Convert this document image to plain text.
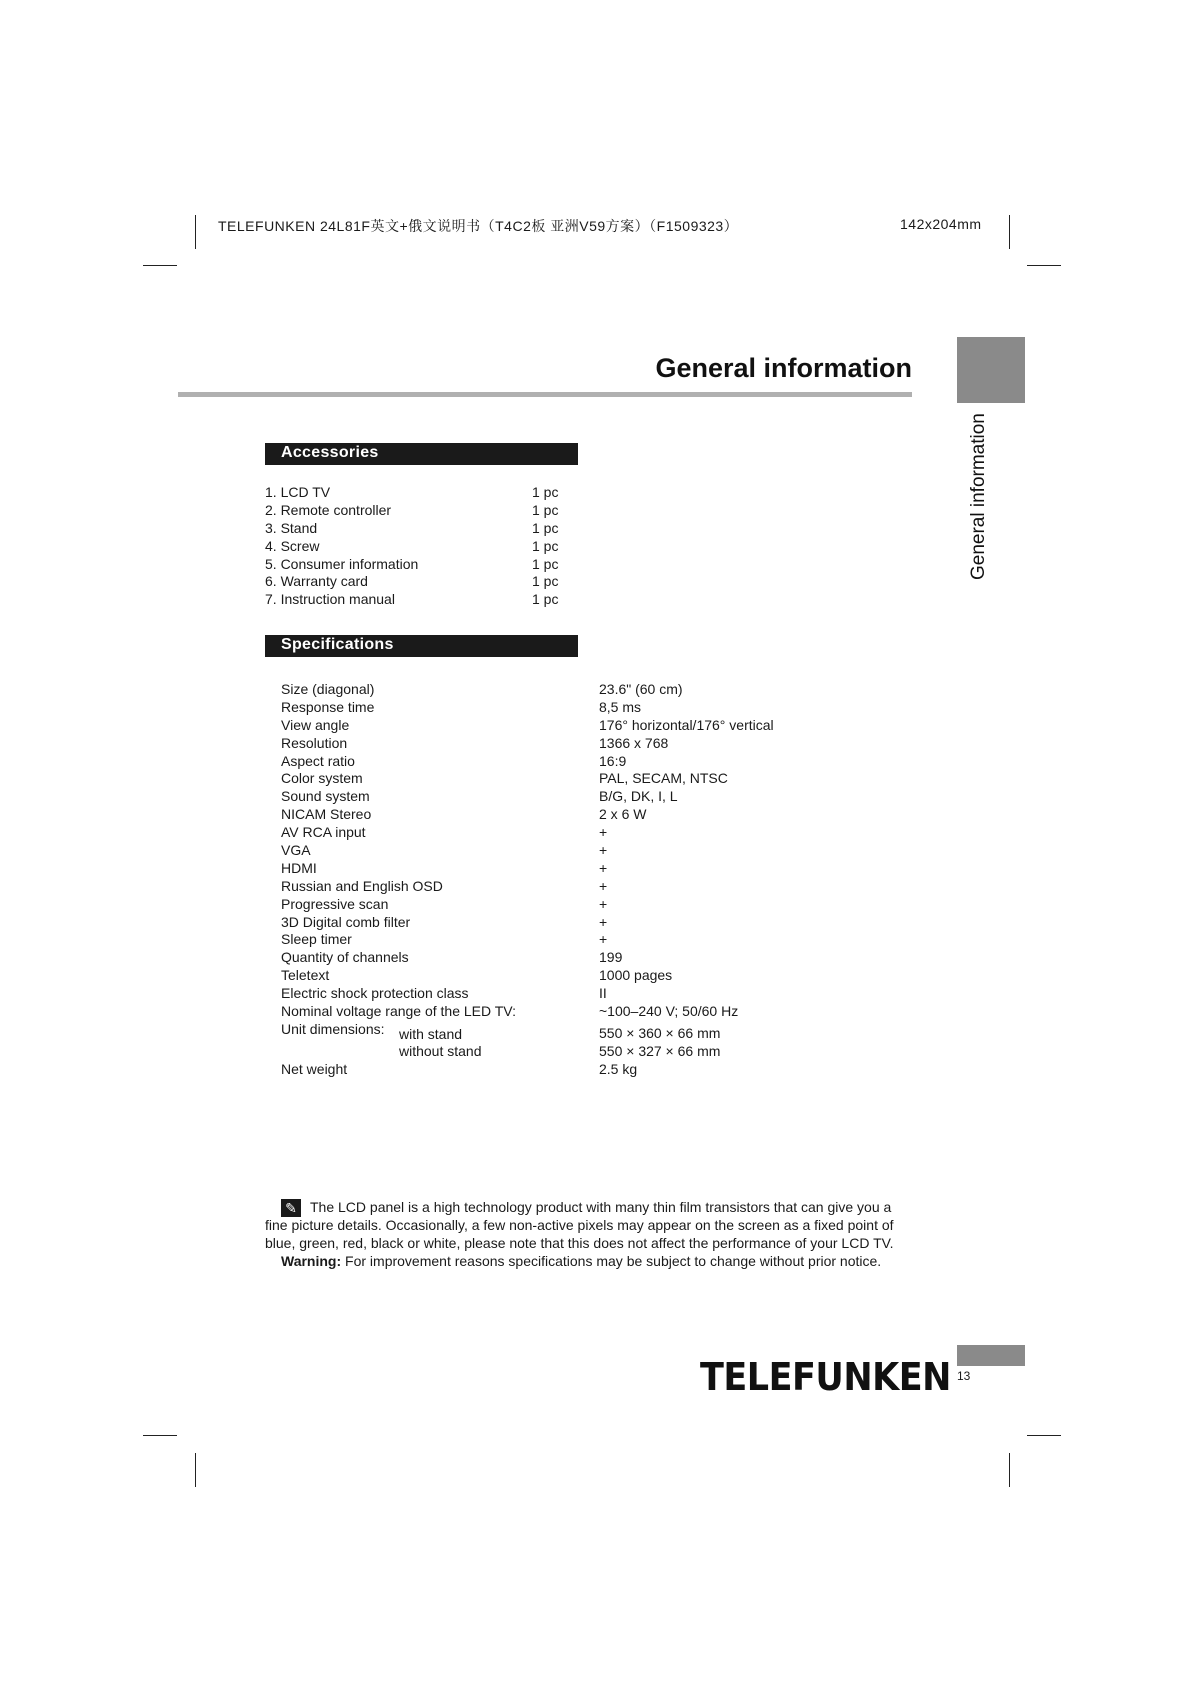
TELEFUNKEN 24L81F英文+俄文说明书（T4C2板 亚洲V59方案）（F1509323）	142x204mm
General information
General information
Accessories
1. LCD TV	1 pc
2. Remote controller	1 pc
3. Stand	1 pc
4. Screw	1 pc
5. Consumer information	1 pc
6. Warranty card	1 pc
7. Instruction manual	1 pc
Specifications
Size (diagonal)	23.6" (60 cm)
Response time	8,5 ms
View angle	176° horizontal/176° vertical
Resolution	1366 x 768
Aspect ratio	16:9
Color system	PAL, SECAM, NTSC
Sound system	B/G, DK, I, L
NICAM Stereo	2 x 6 W
AV RCA input	+
VGA	+
HDMI	+
Russian and English OSD	+
Progressive scan	+
3D Digital comb filter	+
Sleep timer	+
Quantity of channels	199
Teletext	1000 pages
Electric shock protection class	II
Nominal voltage range of the LED TV:	~100–240 V; 50/60 Hz
Unit dimensions: with stand	550 × 360 × 66 mm
without stand	550 × 327 × 66 mm
Net weight	2.5 kg
✎ The LCD panel is a high technology product with many thin film transistors that can give you a fine picture details. Occasionally, a few non-active pixels may appear on the screen as a fixed point of blue, green, red, black or white, please note that this does not affect the performance of your LCD TV.

Warning: For improvement reasons specifications may be subject to change without prior notice.

TELEFUNKEN 13
